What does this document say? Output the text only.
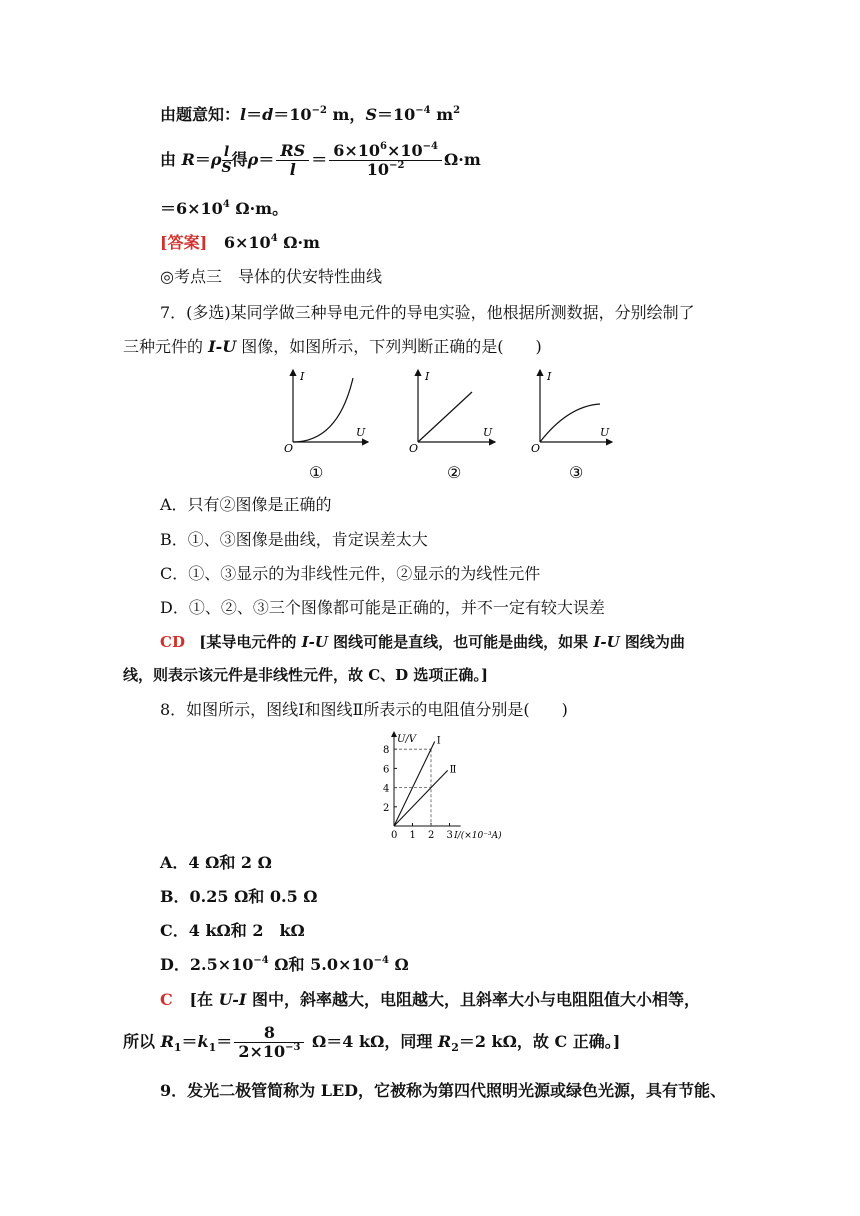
由题意知：$l=d=10^{-2}$ m，$S=10^{-4}$ $m^2$
由 $R=\rho \frac{l}{S}$ 得$\rho= \frac{RS}{l} = \frac{6\times 10^6\times 10^{-4}}{10^{-2}} \Omega\cdot m$
$=6\times 10^4$ Ω·m。
[答案] $6\times 10^4$ Ω·m
◎考点三　导体的伏安特性曲线
7．(多选)某同学做三种导电元件的导电实验，他根据所测数据，分别绘制了
三种元件的 I-U 图像，如图所示，下列判断正确的是(　　)
I
U
O
①
I
U
O
②
I
U
O
③
A．只有②图像是正确的
B．①、③图像是曲线，肯定误差太大
C．①、③显示的为非线性元件，②显示的为线性元件
D．①、②、③三个图像都可能是正确的，并不一定有较大误差
CD [某导电元件的 I-U 图线可能是直线，也可能是曲线，如果 I-U 图线为曲
线，则表示该元件是非线性元件，故 C、D 选项正确。]
8．如图所示，图线Ⅰ和图线Ⅱ所表示的电阻值分别是(　　)
U/V
I/(×10⁻³A)
2
4
6
8
0 1 2 3
Ⅰ
Ⅱ
A．4 Ω和 2 Ω
B．0.25 Ω和 0.5 Ω
C．4 kΩ和 2　kΩ
D．$2.5\times 10^{-4}$ Ω和 $5.0\times 10^{-4}$ Ω
C [在 U-I 图中，斜率越大，电阻越大，且斜率大小与电阻阻值大小相等，
所以 $R_1=k_1= \frac{8}{2\times 10^{-3}} \Omega=4$ kΩ，同理 $R_2=2$ kΩ，故 C 正确。]
9．发光二极管简称为 LED，它被称为第四代照明光源或绿色光源，具有节能、
